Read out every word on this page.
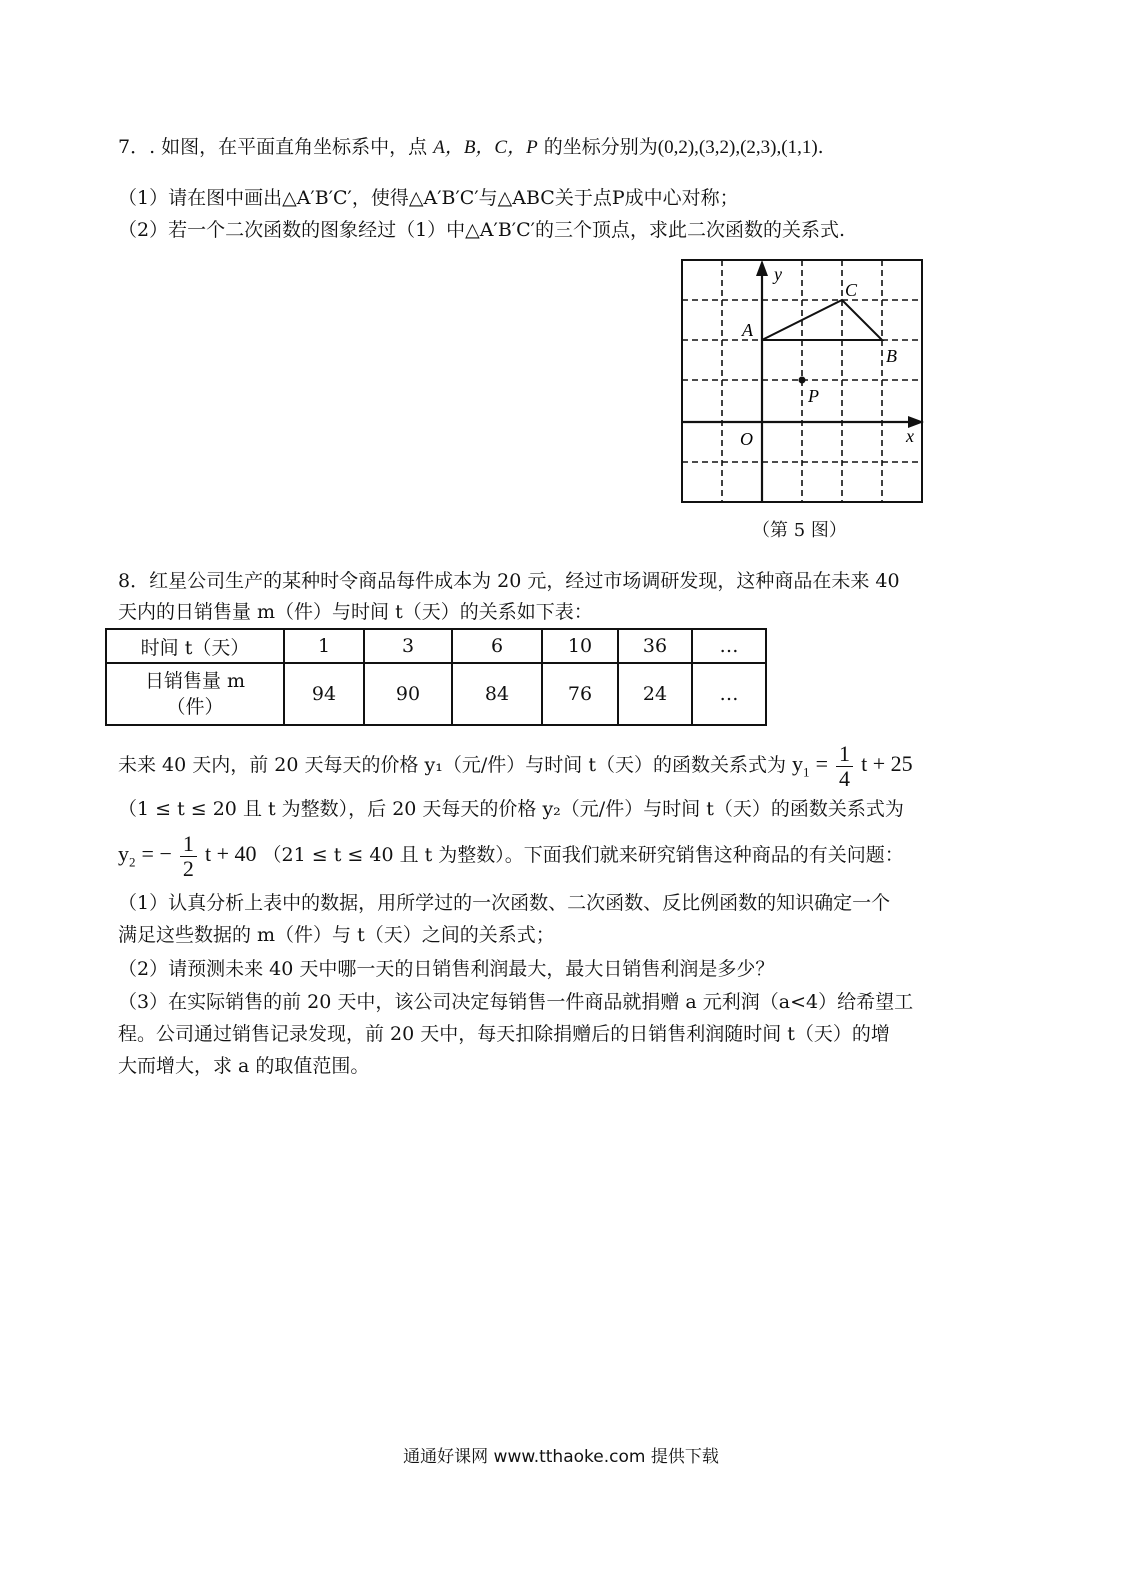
7．. 如图，在平面直角坐标系中，点 A，B，C，P 的坐标分别为(0,2),(3,2),(2,3),(1,1).
（1）请在图中画出△A′B′C′，使得△A′B′C′与△ABC关于点P成中心对称；
（2）若一个二次函数的图象经过（1）中△A′B′C′的三个顶点，求此二次函数的关系式.
y
C
A
B
P
O	x
（第 5 图）
8．红星公司生产的某种时令商品每件成本为 20 元，经过市场调研发现，这种商品在未来 40
天内的日销售量 m（件）与时间 t（天）的关系如下表：
时间 t（天）	1	3	6	10	36	…

日销售量 m
（件）	94	90	84	76	24	…
未来 40 天内，前 20 天每天的价格 y₁（元/件）与时间 t（天）的函数关系式为 $y_1 = \frac{1}{4}$ t + 25
（1 ≤ t ≤ 20 且 t 为整数），后 20 天每天的价格 y₂（元/件）与时间 t（天）的函数关系式为
$y_2$ = − $\frac{1}{2}$ t + 40 （21 ≤ t ≤ 40 且 t 为整数）。下面我们就来研究销售这种商品的有关问题：
（1）认真分析上表中的数据，用所学过的一次函数、二次函数、反比例函数的知识确定一个
满足这些数据的 m（件）与 t（天）之间的关系式；
（2）请预测未来 40 天中哪一天的日销售利润最大，最大日销售利润是多少？
（3）在实际销售的前 20 天中，该公司决定每销售一件商品就捐赠 a 元利润（a<4）给希望工
程。公司通过销售记录发现，前 20 天中，每天扣除捐赠后的日销售利润随时间 t（天）的增
大而增大，求 a 的取值范围。
通通好课网 www.tthaoke.com 提供下载
